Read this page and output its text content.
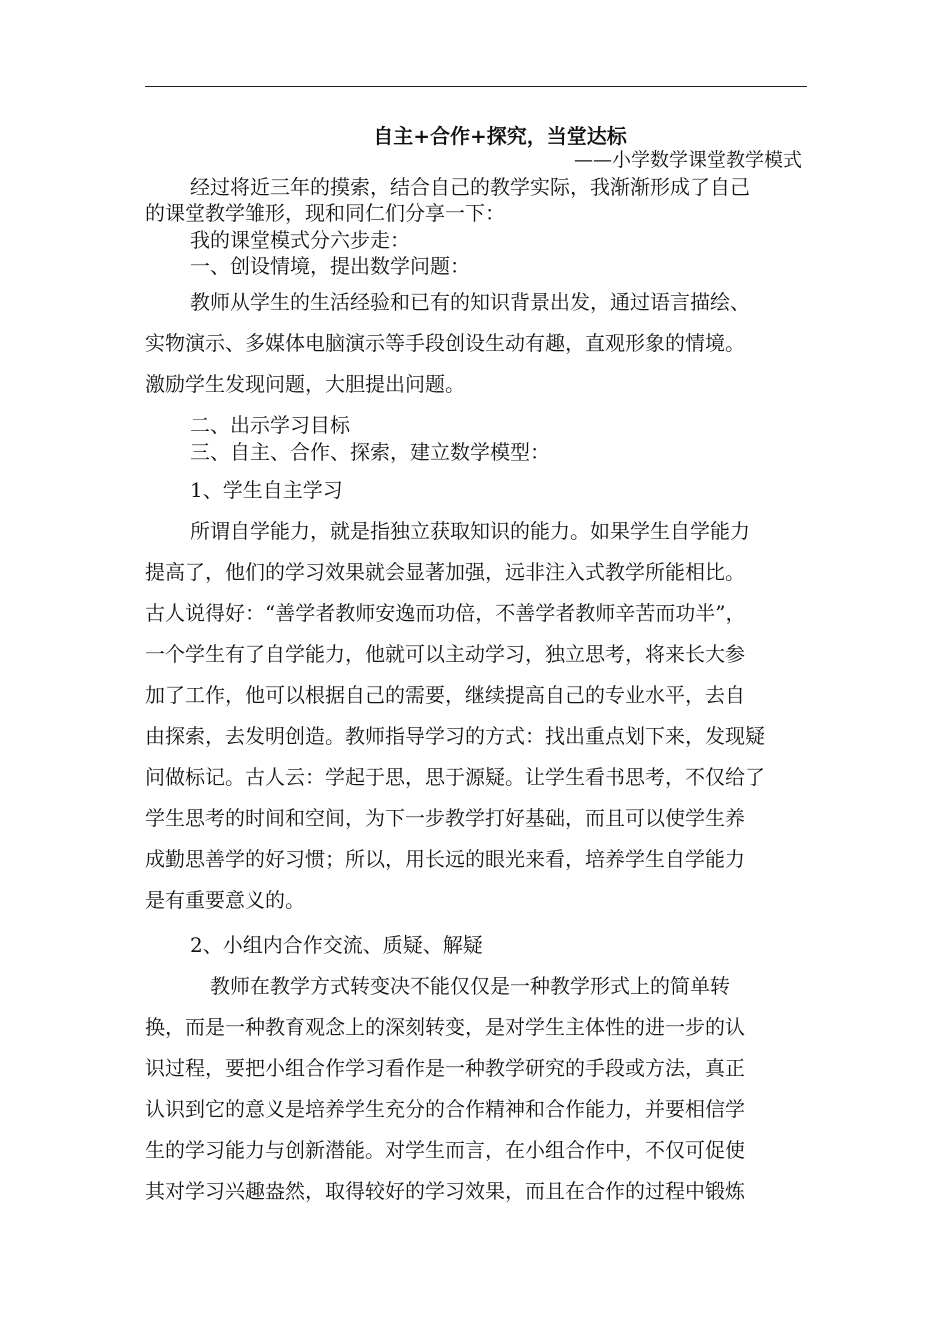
自主+合作+探究，当堂达标
——小学数学课堂教学模式
经过将近三年的摸索，结合自己的教学实际，我渐渐形成了自己
的课堂教学雏形，现和同仁们分享一下：
我的课堂模式分六步走：
一、创设情境，提出数学问题：
教师从学生的生活经验和已有的知识背景出发，通过语言描绘、
实物演示、多媒体电脑演示等手段创设生动有趣，直观形象的情境。
激励学生发现问题，大胆提出问题。
二、出示学习目标
三、自主、合作、探索，建立数学模型：
1、学生自主学习
所谓自学能力，就是指独立获取知识的能力。如果学生自学能力
提高了，他们的学习效果就会显著加强，远非注入式教学所能相比。
古人说得好：“善学者教师安逸而功倍，不善学者教师辛苦而功半”，
一个学生有了自学能力，他就可以主动学习，独立思考，将来长大参
加了工作，他可以根据自己的需要，继续提高自己的专业水平，去自
由探索，去发明创造。教师指导学习的方式：找出重点划下来，发现疑
问做标记。古人云：学起于思，思于源疑。让学生看书思考，不仅给了
学生思考的时间和空间，为下一步教学打好基础，而且可以使学生养
成勤思善学的好习惯；所以，用长远的眼光来看，培养学生自学能力
是有重要意义的。
2、小组内合作交流、质疑、解疑
教师在教学方式转变决不能仅仅是一种教学形式上的简单转
换，而是一种教育观念上的深刻转变，是对学生主体性的进一步的认
识过程，要把小组合作学习看作是一种教学研究的手段或方法，真正
认识到它的意义是培养学生充分的合作精神和合作能力，并要相信学
生的学习能力与创新潜能。对学生而言，在小组合作中，不仅可促使
其对学习兴趣盎然，取得较好的学习效果，而且在合作的过程中锻炼
